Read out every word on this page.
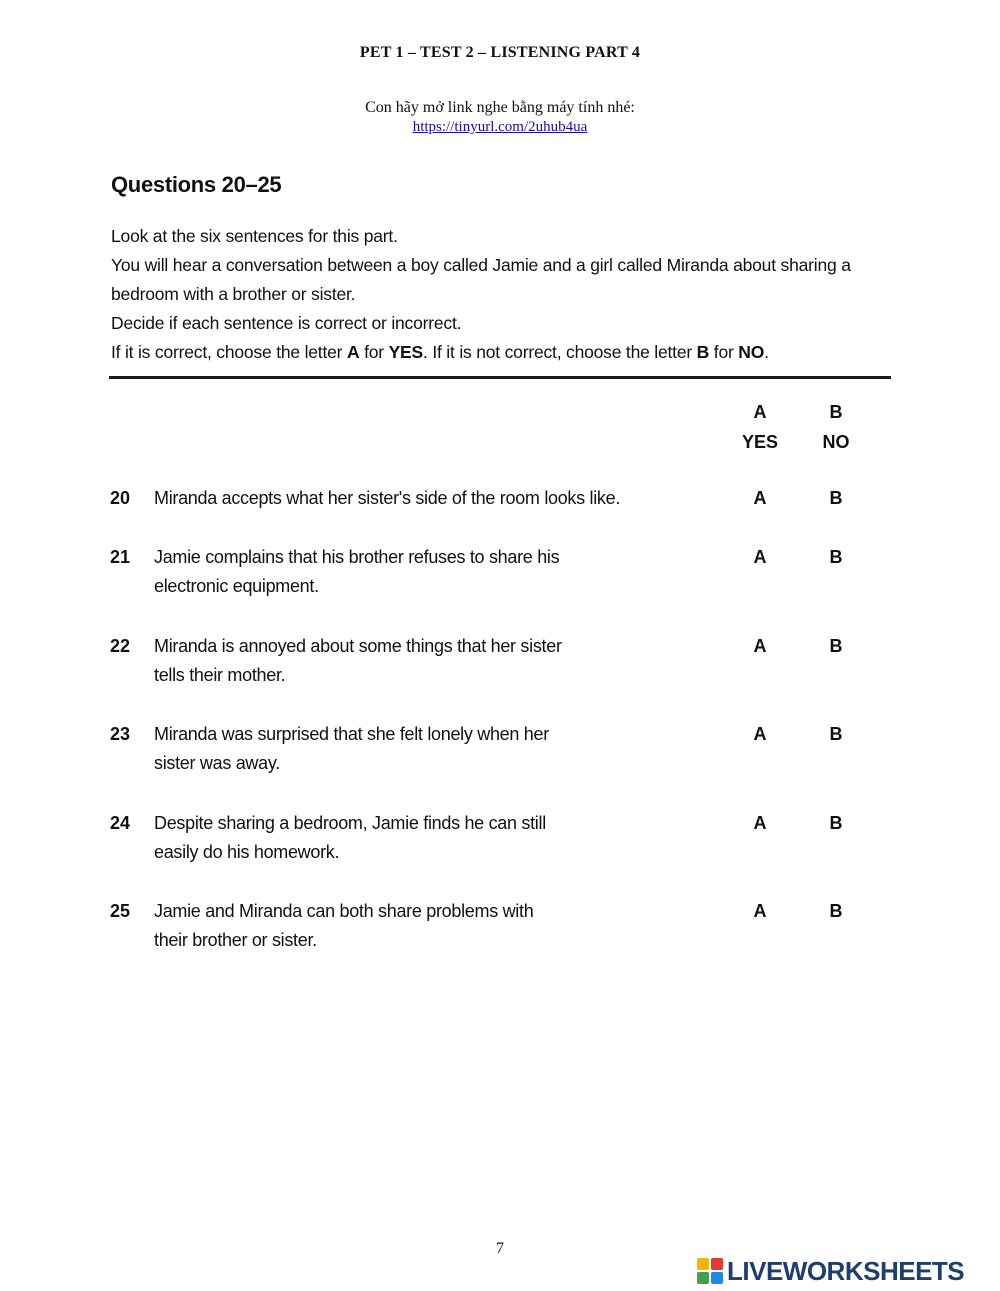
PET 1 – TEST 2 – LISTENING PART 4
Con hãy mở link nghe bằng máy tính nhé:
https://tinyurl.com/2uhub4ua
Questions 20–25

Look at the six sentences for this part.

You will hear a conversation between a boy called Jamie and a girl called Miranda about sharing a bedroom with a brother or sister.

Decide if each sentence is correct or incorrect.

If it is correct, choose the letter A for YES. If it is not correct, choose the letter B for NO.

A
YES
B
NO
20 Miranda accepts what her sister's side of the room looks like.	A	B
21 Jamie complains that his brother refuses to share his electronic equipment.
A	B
22 Miranda is annoyed about some things that her sister tells their mother.
A	B
23 Miranda was surprised that she felt lonely when her sister was away.
A	B
24 Despite sharing a bedroom, Jamie finds he can still easily do his homework.
A	B
25 Jamie and Miranda can both share problems with their brother or sister.
A	B
7
LIVEWORKSHEETS
